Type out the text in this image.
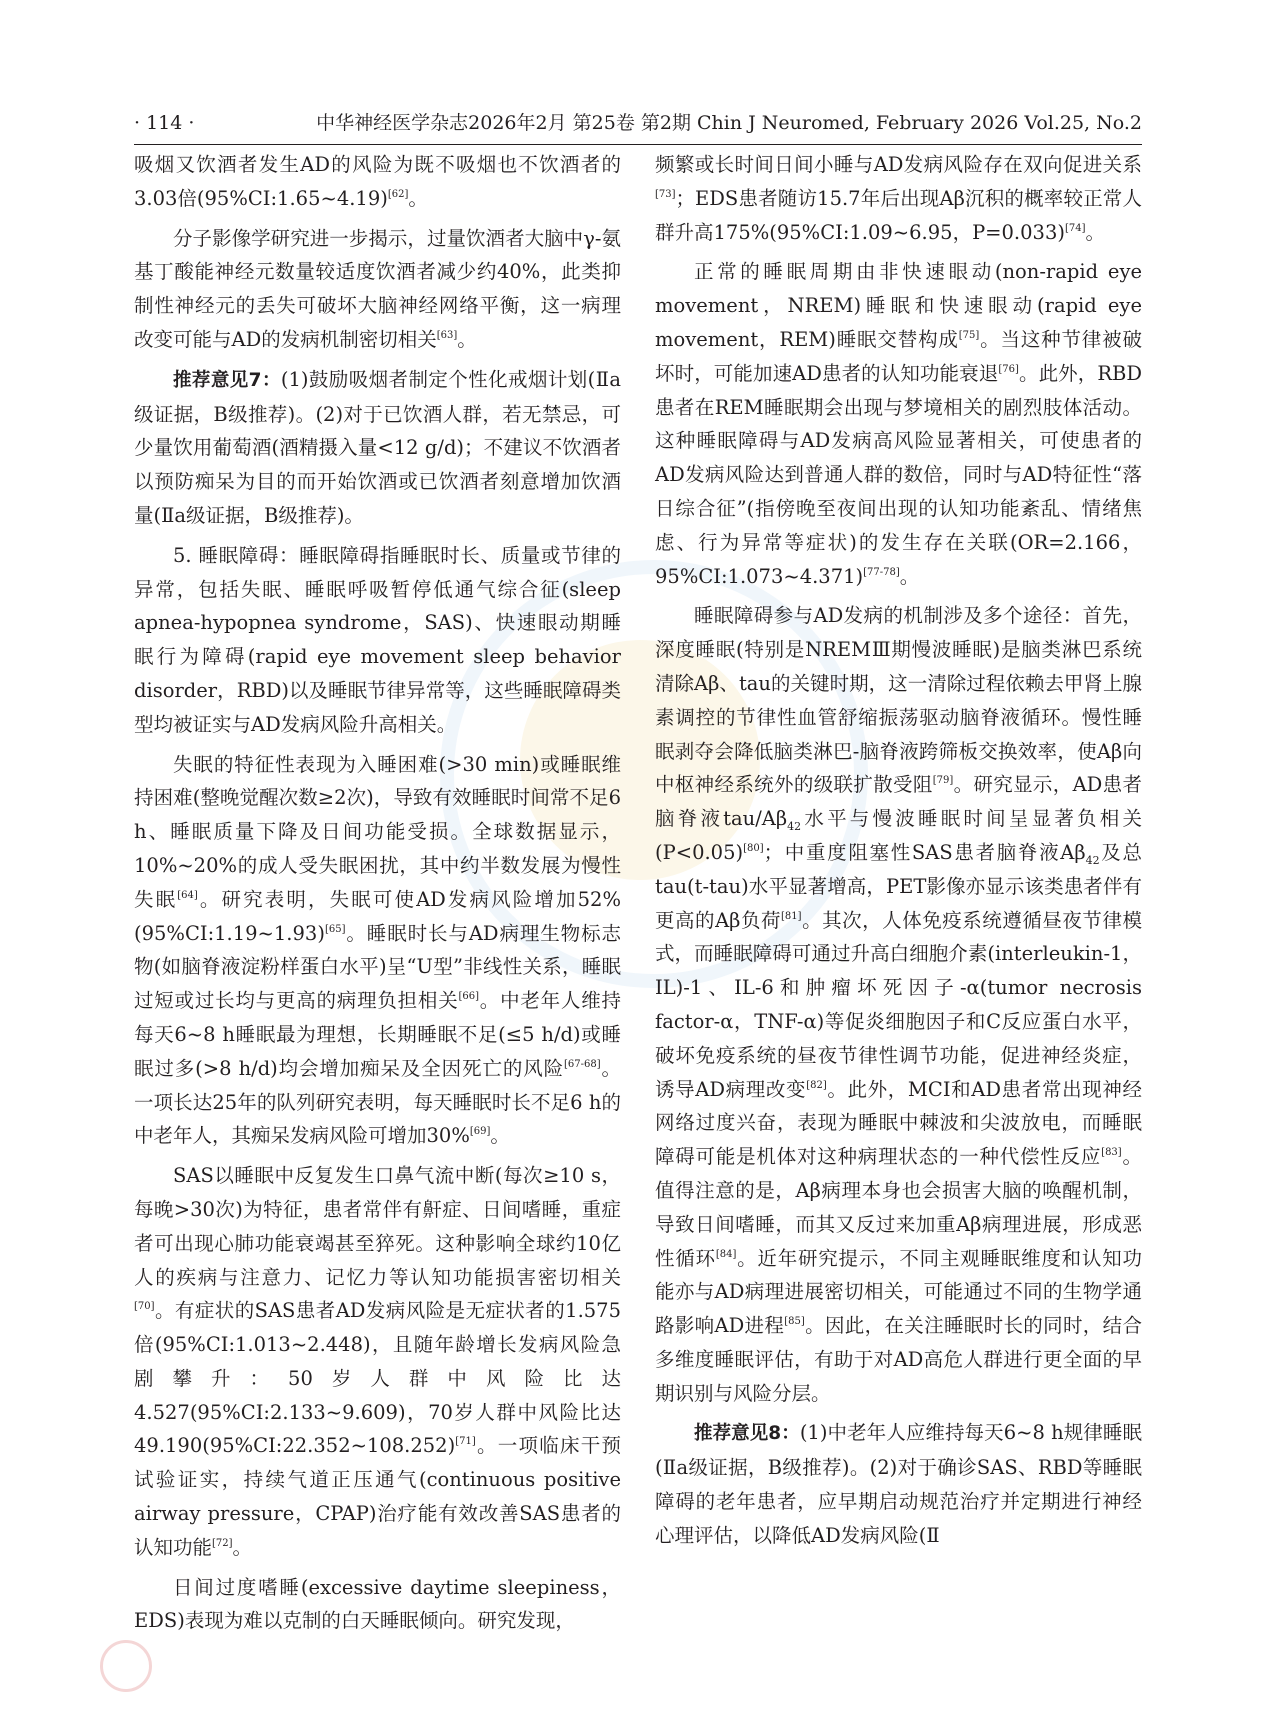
· 114 ·	中华神经医学杂志2026年2月 第25卷 第2期 Chin J Neuromed, February 2026 Vol.25, No.2

吸烟又饮酒者发生AD的风险为既不吸烟也不饮酒者的3.03倍(95%CI:1.65~4.19)[62]。

分子影像学研究进一步揭示，过量饮酒者大脑中γ-氨基丁酸能神经元数量较适度饮酒者减少约40%，此类抑制性神经元的丢失可破坏大脑神经网络平衡，这一病理改变可能与AD的发病机制密切相关[63]。

推荐意见7：(1)鼓励吸烟者制定个性化戒烟计划(Ⅱa级证据，B级推荐)。(2)对于已饮酒人群，若无禁忌，可少量饮用葡萄酒(酒精摄入量<12 g/d)；不建议不饮酒者以预防痴呆为目的而开始饮酒或已饮酒者刻意增加饮酒量(Ⅱa级证据，B级推荐)。

5. 睡眠障碍：睡眠障碍指睡眠时长、质量或节律的异常，包括失眠、睡眠呼吸暂停低通气综合征(sleep apnea-hypopnea syndrome，SAS)、快速眼动期睡眠行为障碍(rapid eye movement sleep behavior disorder，RBD)以及睡眠节律异常等，这些睡眠障碍类型均被证实与AD发病风险升高相关。

失眠的特征性表现为入睡困难(>30 min)或睡眠维持困难(整晚觉醒次数≥2次)，导致有效睡眠时间常不足6 h、睡眠质量下降及日间功能受损。全球数据显示，10%~20%的成人受失眠困扰，其中约半数发展为慢性失眠[64]。研究表明，失眠可使AD发病风险增加52%(95%CI:1.19~1.93)[65]。睡眠时长与AD病理生物标志物(如脑脊液淀粉样蛋白水平)呈“U型”非线性关系，睡眠过短或过长均与更高的病理负担相关[66]。中老年人维持每天6~8 h睡眠最为理想，长期睡眠不足(≤5 h/d)或睡眠过多(>8 h/d)均会增加痴呆及全因死亡的风险[67-68]。一项长达25年的队列研究表明，每天睡眠时长不足6 h的中老年人，其痴呆发病风险可增加30%[69]。

SAS以睡眠中反复发生口鼻气流中断(每次≥10 s，每晚>30次)为特征，患者常伴有鼾症、日间嗜睡，重症者可出现心肺功能衰竭甚至猝死。这种影响全球约10亿人的疾病与注意力、记忆力等认知功能损害密切相关[70]。有症状的SAS患者AD发病风险是无症状者的1.575倍(95%CI:1.013~2.448)，且随年龄增长发病风险急剧攀升：50岁人群中风险比达4.527(95%CI:2.133~9.609)，70岁人群中风险比达49.190(95%CI:22.352~108.252)[71]。一项临床干预试验证实，持续气道正压通气(continuous positive airway pressure，CPAP)治疗能有效改善SAS患者的认知功能[72]。

日间过度嗜睡(excessive daytime sleepiness，EDS)表现为难以克制的白天睡眠倾向。研究发现，

频繁或长时间日间小睡与AD发病风险存在双向促进关系[73]；EDS患者随访15.7年后出现Aβ沉积的概率较正常人群升高175%(95%CI:1.09~6.95，P=0.033)[74]。

正常的睡眠周期由非快速眼动(non-rapid eye movement，NREM)睡眠和快速眼动(rapid eye movement，REM)睡眠交替构成[75]。当这种节律被破坏时，可能加速AD患者的认知功能衰退[76]。此外，RBD患者在REM睡眠期会出现与梦境相关的剧烈肢体活动。这种睡眠障碍与AD发病高风险显著相关，可使患者的AD发病风险达到普通人群的数倍，同时与AD特征性“落日综合征”(指傍晚至夜间出现的认知功能紊乱、情绪焦虑、行为异常等症状)的发生存在关联(OR=2.166，95%CI:1.073~4.371)[77-78]。

睡眠障碍参与AD发病的机制涉及多个途径：首先，深度睡眠(特别是NREMⅢ期慢波睡眠)是脑类淋巴系统清除Aβ、tau的关键时期，这一清除过程依赖去甲肾上腺素调控的节律性血管舒缩振荡驱动脑脊液循环。慢性睡眠剥夺会降低脑类淋巴-脑脊液跨筛板交换效率，使Aβ向中枢神经系统外的级联扩散受阻[79]。研究显示，AD患者脑脊液tau/$A\beta_{42}$水平与慢波睡眠时间呈显著负相关(P<0.05)[80]；中重度阻塞性SAS患者脑脊液$A\beta_{42}$及总tau(t-tau)水平显著增高，PET影像亦显示该类患者伴有更高的Aβ负荷[81]。其次，人体免疫系统遵循昼夜节律模式，而睡眠障碍可通过升高白细胞介素(interleukin-1，IL)-1、IL-6和肿瘤坏死因子-α(tumor necrosis factor-α，TNF-α)等促炎细胞因子和C反应蛋白水平，破坏免疫系统的昼夜节律性调节功能，促进神经炎症，诱导AD病理改变[82]。此外，MCI和AD患者常出现神经网络过度兴奋，表现为睡眠中棘波和尖波放电，而睡眠障碍可能是机体对这种病理状态的一种代偿性反应[83]。值得注意的是，Aβ病理本身也会损害大脑的唤醒机制，导致日间嗜睡，而其又反过来加重Aβ病理进展，形成恶性循环[84]。近年研究提示，不同主观睡眠维度和认知功能亦与AD病理进展密切相关，可能通过不同的生物学通路影响AD进程[85]。因此，在关注睡眠时长的同时，结合多维度睡眠评估，有助于对AD高危人群进行更全面的早期识别与风险分层。

推荐意见8：(1)中老年人应维持每天6~8 h规律睡眠(Ⅱa级证据，B级推荐)。(2)对于确诊SAS、RBD等睡眠障碍的老年患者，应早期启动规范治疗并定期进行神经心理评估，以降低AD发病风险(Ⅱ
